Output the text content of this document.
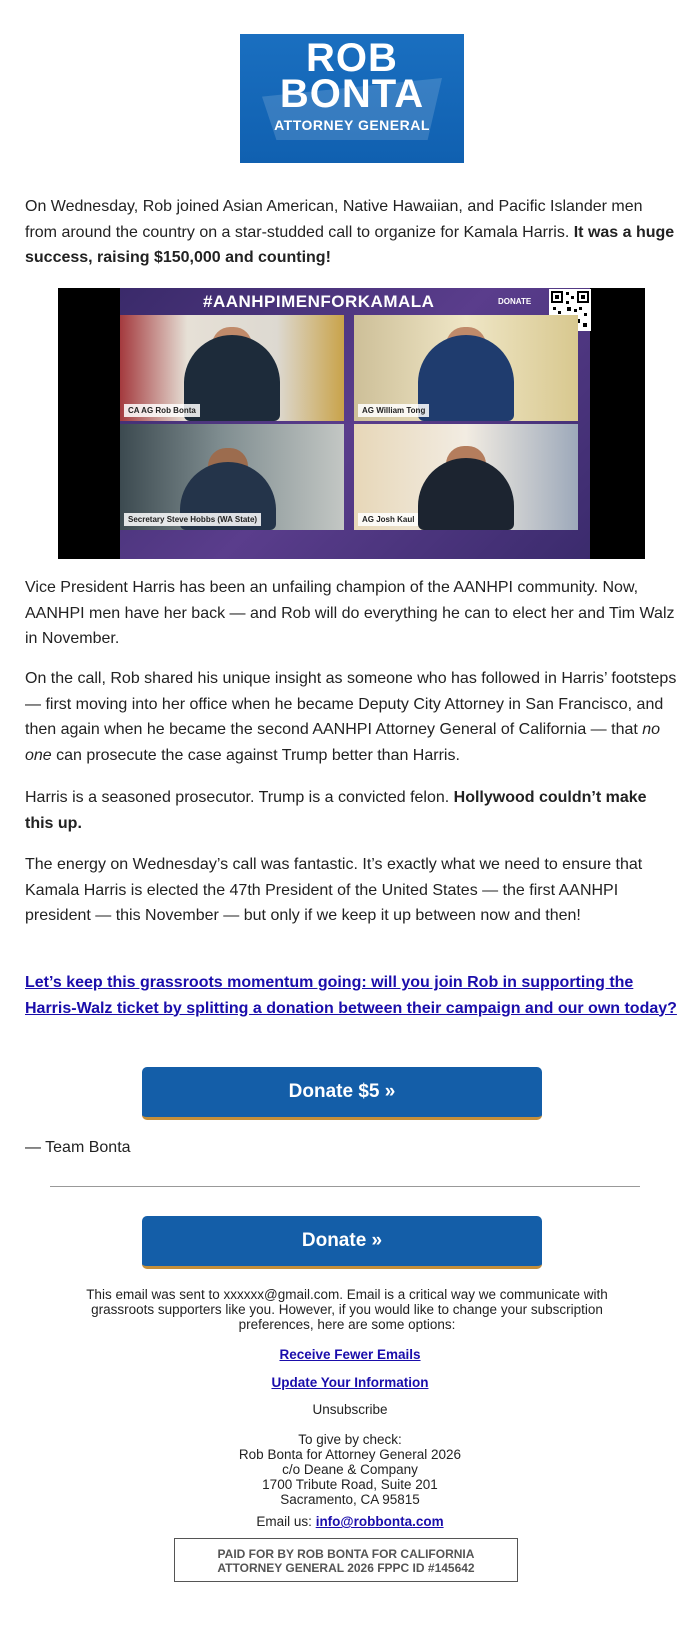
ROB
BONTA
ATTORNEY GENERAL

On Wednesday, Rob joined Asian American, Native Hawaiian, and Pacific Islander men from around the country on a star-studded call to organize for Kamala Harris. It was a huge success, raising $150,000 and counting!

#AANHPIMENFORKAMALA	DONATE
CA AG Rob Bonta	AG William Tong
Secretary Steve Hobbs (WA State)	AG Josh Kaul

Vice President Harris has been an unfailing champion of the AANHPI community. Now, AANHPI men have her back — and Rob will do everything he can to elect her and Tim Walz in November.

On the call, Rob shared his unique insight as someone who has followed in Harris’ footsteps — first moving into her office when he became Deputy City Attorney in San Francisco, and then again when he became the second AANHPI Attorney General of California — that no one can prosecute the case against Trump better than Harris.

Harris is a seasoned prosecutor. Trump is a convicted felon. Hollywood couldn’t make this up.

The energy on Wednesday’s call was fantastic. It’s exactly what we need to ensure that Kamala Harris is elected the 47th President of the United States — the first AANHPI president — this November — but only if we keep it up between now and then!

Let’s keep this grassroots momentum going: will you join Rob in supporting the Harris-Walz ticket by splitting a donation between their campaign and our own today?
Donate $5 »
— Team Bonta
Donate »
This email was sent to xxxxxx@gmail.com. Email is a critical way we communicate with grassroots supporters like you. However, if you would like to change your subscription preferences, here are some options:
Receive Fewer Emails
Update Your Information
Unsubscribe
To give by check:
Rob Bonta for Attorney General 2026
c/o Deane & Company
1700 Tribute Road, Suite 201
Sacramento, CA 95815
Email us: info@robbonta.com
PAID FOR BY ROB BONTA FOR CALIFORNIA
ATTORNEY GENERAL 2026 FPPC ID #145642
